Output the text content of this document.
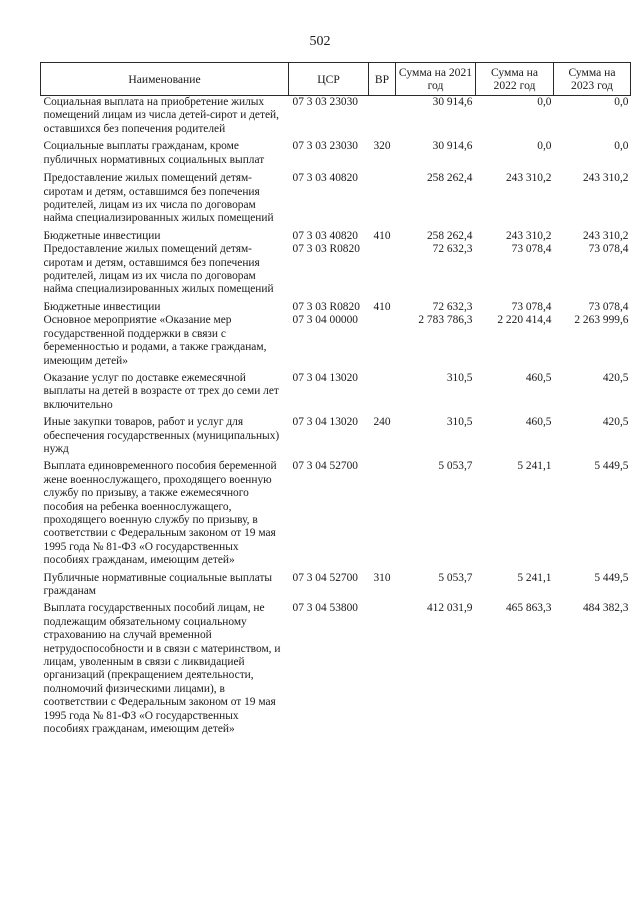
502
Наименование	ЦСР	ВР	Сумма на 2021 год	Сумма на 2022 год	Сумма на 2023 год
Социальная выплата на приобретение жилых помещений лицам из числа детей-сирот и детей, оставшихся без попечения родителей	07 3 03 23030		30 914,6	0,0	0,0
Социальные выплаты гражданам, кроме публичных нормативных социальных выплат	07 3 03 23030	320	30 914,6	0,0	0,0
Предоставление жилых помещений детям-сиротам и детям, оставшимся без попечения родителей, лицам из их числа по договорам найма специализированных жилых помещений	07 3 03 40820		258 262,4	243 310,2	243 310,2
Бюджетные инвестиции	07 3 03 40820	410	258 262,4	243 310,2	243 310,2
Предоставление жилых помещений детям-сиротам и детям, оставшимся без попечения родителей, лицам из их числа по договорам найма специализированных жилых помещений	07 3 03 R0820		72 632,3	73 078,4	73 078,4
Бюджетные инвестиции	07 3 03 R0820	410	72 632,3	73 078,4	73 078,4
Основное мероприятие «Оказание мер государственной поддержки в связи с беременностью и родами, а также гражданам, имеющим детей»	07 3 04 00000		2 783 786,3	2 220 414,4	2 263 999,6
Оказание услуг по доставке ежемесячной выплаты на детей в возрасте от трех до семи лет включительно	07 3 04 13020		310,5	460,5	420,5
Иные закупки товаров, работ и услуг для обеспечения государственных (муниципальных) нужд	07 3 04 13020	240	310,5	460,5	420,5
Выплата единовременного пособия беременной жене военнослужащего, проходящего военную службу по призыву, а также ежемесячного пособия на ребенка военнослужащего, проходящего военную службу по призыву, в соответствии с Федеральным законом от 19 мая 1995 года № 81-ФЗ «О государственных пособиях гражданам, имеющим детей»	07 3 04 52700		5 053,7	5 241,1	5 449,5
Публичные нормативные социальные выплаты гражданам	07 3 04 52700	310	5 053,7	5 241,1	5 449,5
Выплата государственных пособий лицам, не подлежащим обязательному социальному страхованию на случай временной нетрудоспособности и в связи с материнством, и лицам, уволенным в связи с ликвидацией организаций (прекращением деятельности, полномочий физическими лицами), в соответствии с Федеральным законом от 19 мая 1995 года № 81-ФЗ «О государственных пособиях гражданам, имеющим детей»	07 3 04 53800		412 031,9	465 863,3	484 382,3
